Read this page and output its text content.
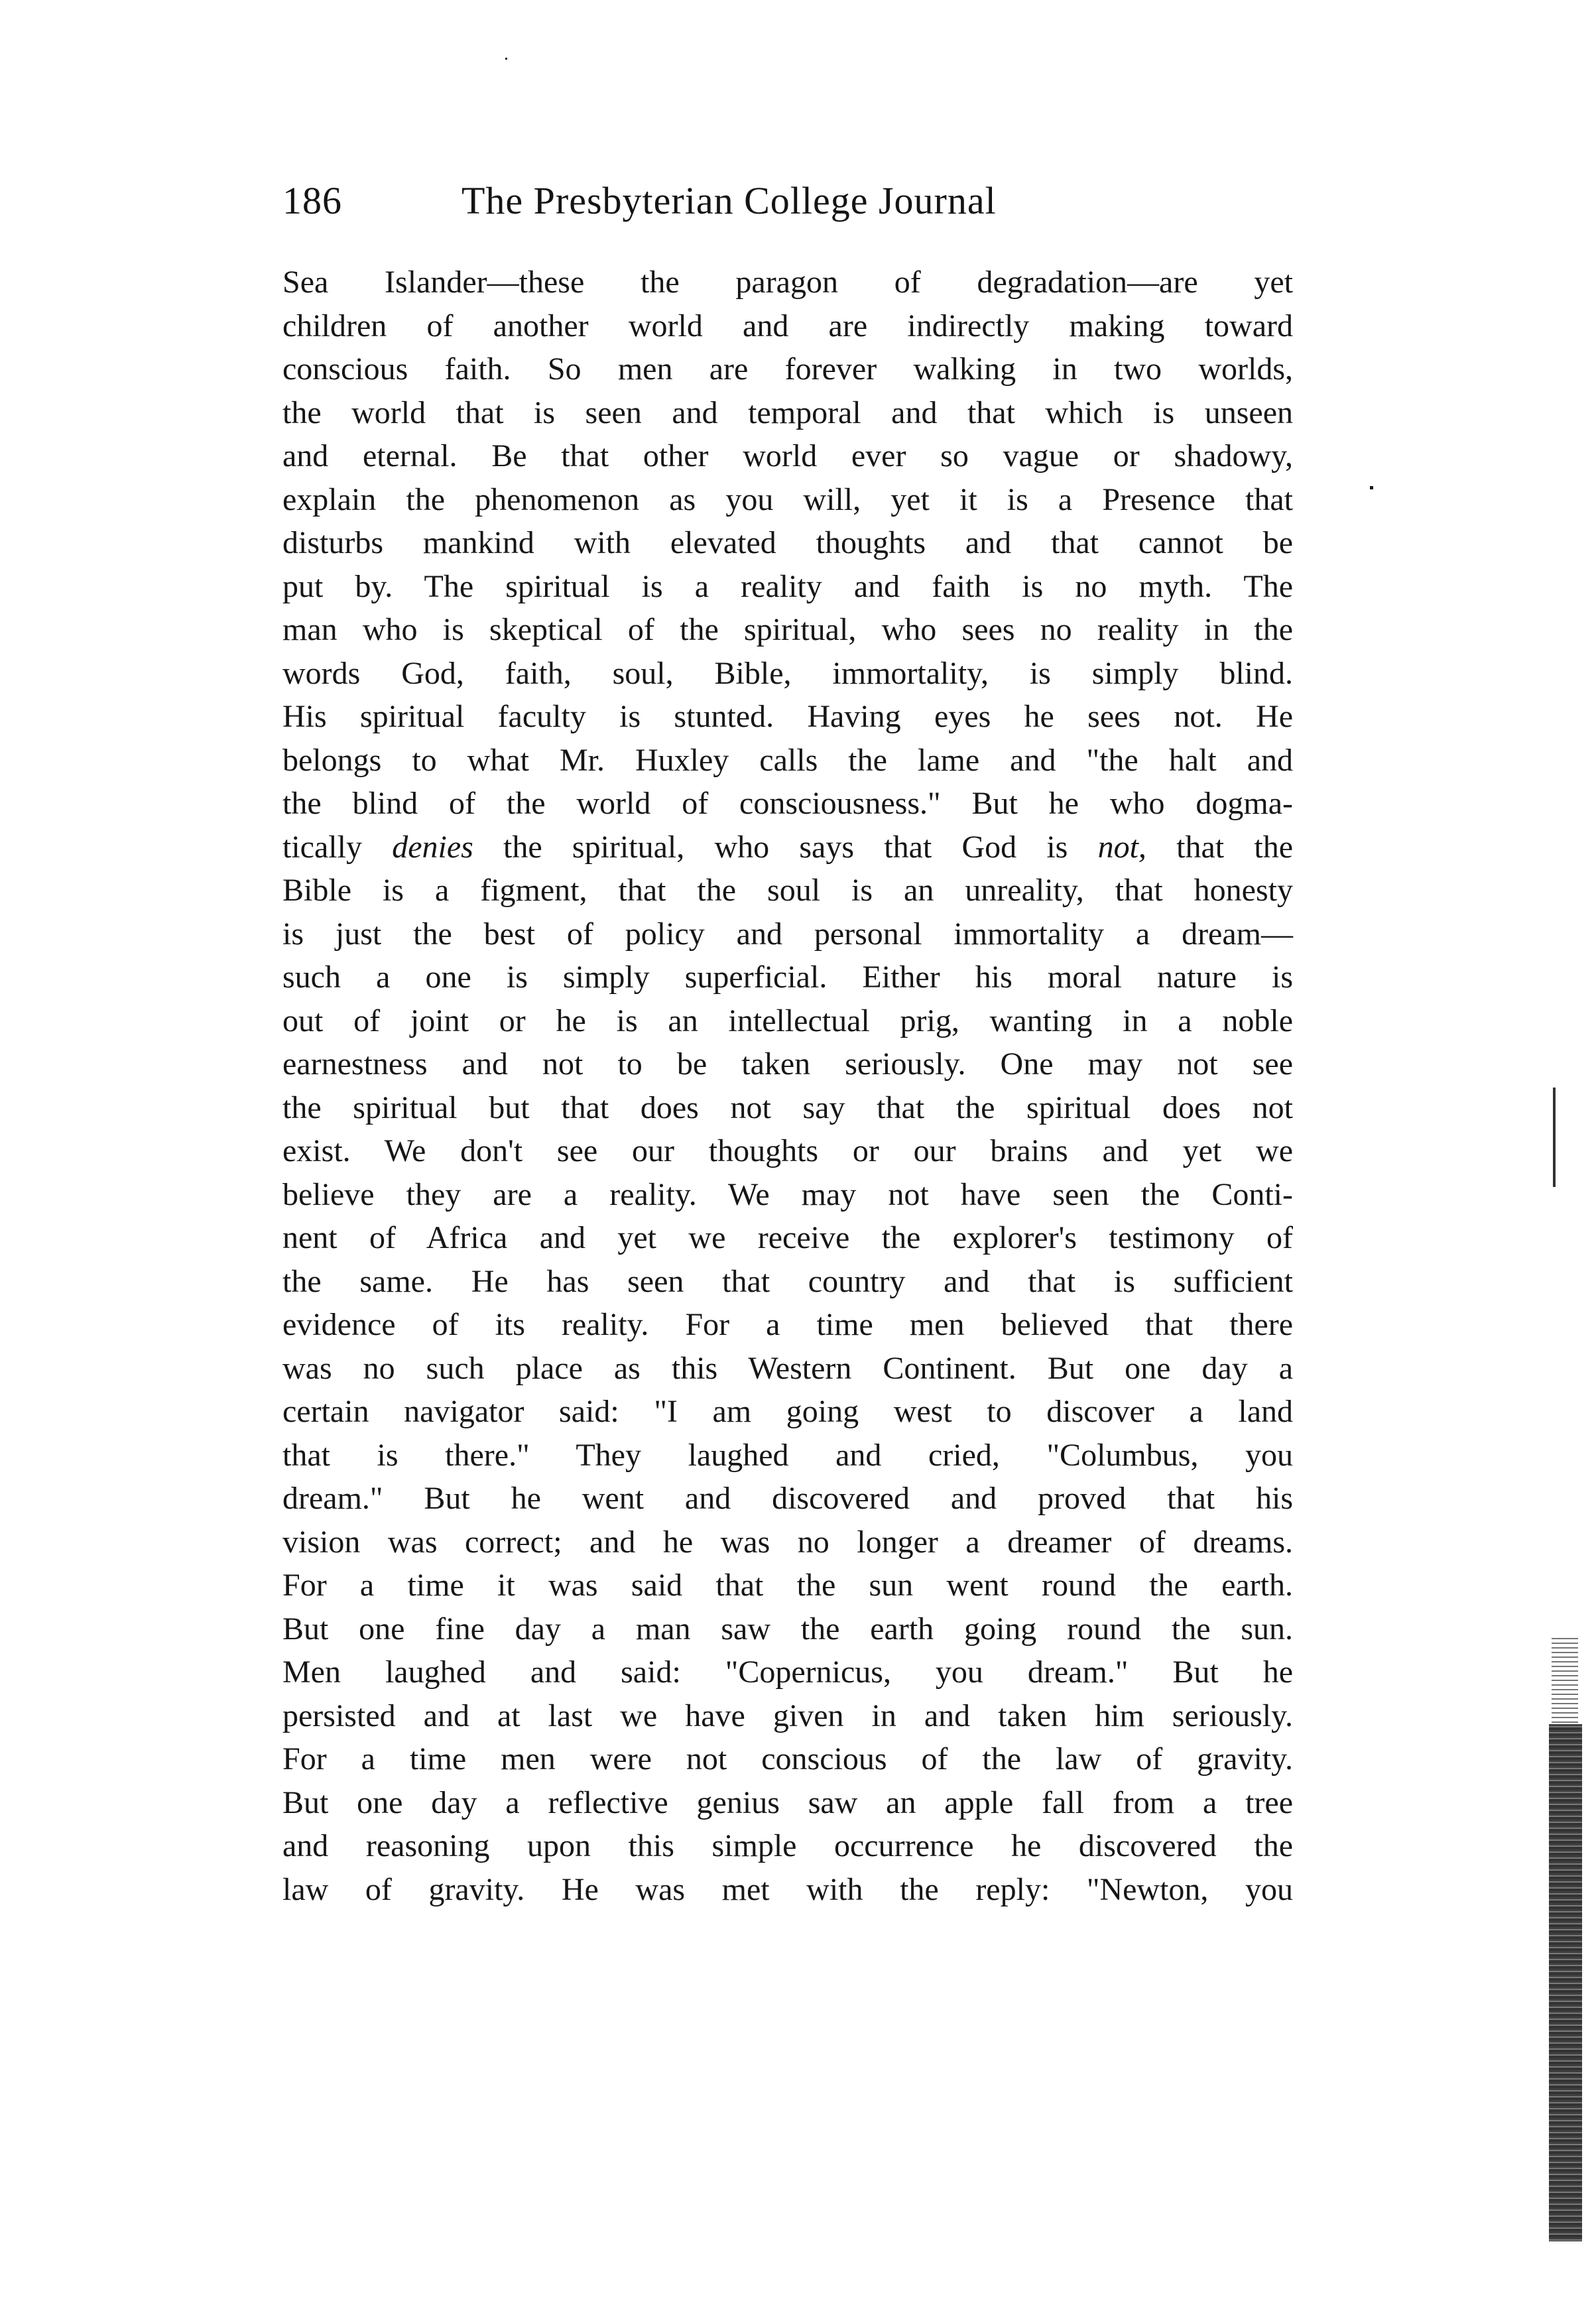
186	The Presbyterian College Journal
Sea Islander—these the paragon of degradation—are yet
children of another world and are indirectly making toward
conscious faith. So men are forever walking in two worlds,
the world that is seen and temporal and that which is unseen
and eternal. Be that other world ever so vague or shadowy,
explain the phenomenon as you will, yet it is a Presence that
disturbs mankind with elevated thoughts and that cannot be
put by. The spiritual is a reality and faith is no myth. The
man who is skeptical of the spiritual, who sees no reality in the
words God, faith, soul, Bible, immortality, is simply blind.
His spiritual faculty is stunted. Having eyes he sees not. He
belongs to what Mr. Huxley calls the lame and "the halt and
the blind of the world of consciousness." But he who dogma-
tically denies the spiritual, who says that God is not, that the
Bible is a figment, that the soul is an unreality, that honesty
is just the best of policy and personal immortality a dream—
such a one is simply superficial. Either his moral nature is
out of joint or he is an intellectual prig, wanting in a noble
earnestness and not to be taken seriously. One may not see
the spiritual but that does not say that the spiritual does not
exist. We don't see our thoughts or our brains and yet we
believe they are a reality. We may not have seen the Conti-
nent of Africa and yet we receive the explorer's testimony of
the same. He has seen that country and that is sufficient
evidence of its reality. For a time men believed that there
was no such place as this Western Continent. But one day a
certain navigator said: "I am going west to discover a land
that is there." They laughed and cried, "Columbus, you
dream." But he went and discovered and proved that his
vision was correct; and he was no longer a dreamer of dreams.
For a time it was said that the sun went round the earth.
But one fine day a man saw the earth going round the sun.
Men laughed and said: "Copernicus, you dream." But he
persisted and at last we have given in and taken him seriously.
For a time men were not conscious of the law of gravity.
But one day a reflective genius saw an apple fall from a tree
and reasoning upon this simple occurrence he discovered the
law of gravity. He was met with the reply: "Newton, you
